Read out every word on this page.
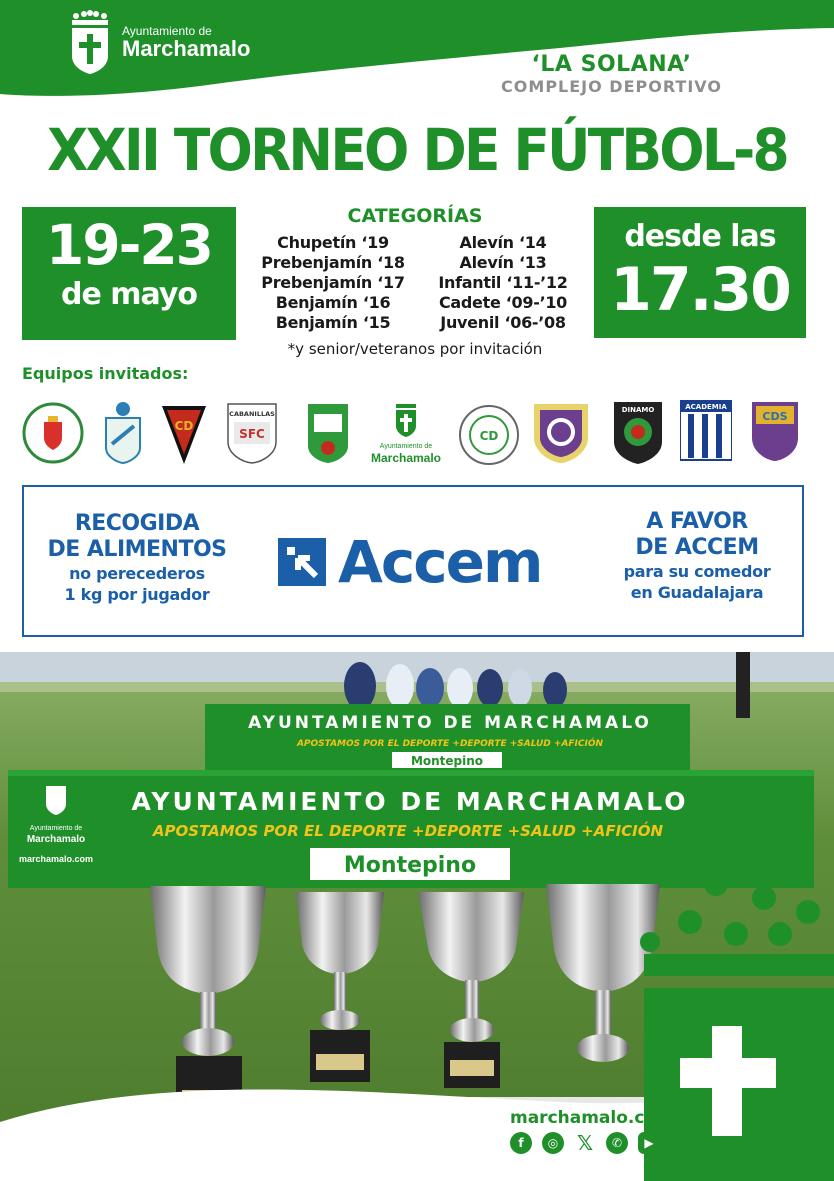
Ayuntamiento de
Marchamalo
‘LA SOLANA’
COMPLEJO DEPORTIVO
XXII TORNEO DE FÚTBOL-8
19-23
de mayo
CATEGORÍAS
Chupetín ‘19	Alevín ‘14
Prebenjamín ‘18	Alevín ‘13
Prebenjamín ‘17	Infantil ‘11-’12
Benjamín ‘16	Cadete ‘09-’10
Benjamín ‘15	Juvenil ‘06-’08
*y senior/veteranos por invitación
desde las
17.30
Equipos invitados:
CD
CABANILLAS
SFC
Ayuntamiento de
Marchamalo
CD
DINAMO	ACADEMIA
CDS
RECOGIDA
DE ALIMENTOS
no perecederos
1 kg por jugador	Accem
A FAVOR
DE ACCEM
para su comedor
en Guadalajara
AYUNTAMIENTO DE MARCHAMALO
APOSTAMOS POR EL DEPORTE +DEPORTE +SALUD +AFICIÓN
Montepino
AYUNTAMIENTO DE MARCHAMALO
APOSTAMOS POR EL DEPORTE +DEPORTE +SALUD +AFICIÓN
Montepino
Ayuntamiento de
Marchamalo
marchamalo.com
marchamalo.com
f	◎ 𝕏	✆	▶
